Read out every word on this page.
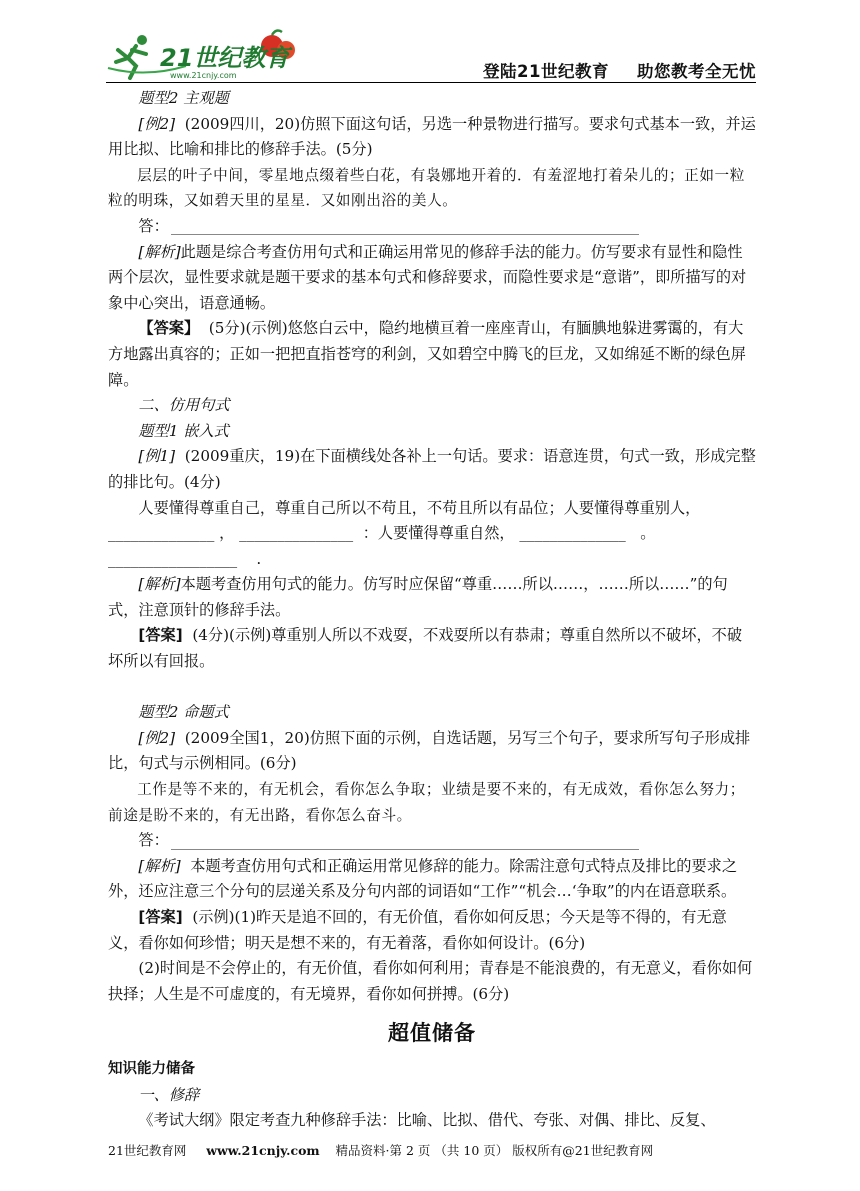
21世纪教育
www.21cnjy.com	登陆21世纪教育 助您教考全无忧

题型2 主观题

[例2] (2009四川，20)仿照下面这句话，另选一种景物进行描写。要求句式基本一致，并运用比拟、比喻和排比的修辞手法。(5分)

层层的叶子中间，零星地点缀着些白花，有袅娜地开着的．有羞涩地打着朵儿的；正如一粒粒的明珠，又如碧天里的星星．又如刚出浴的美人。

答：

[解析]此题是综合考查仿用句式和正确运用常见的修辞手法的能力。仿写要求有显性和隐性两个层次，显性要求就是题干要求的基本句式和修辞要求，而隐性要求是“意谐”，即所描写的对象中心突出，语意通畅。

【答案】 (5分)(示例)悠悠白云中，隐约地横亘着一座座青山，有腼腆地躲进雾霭的，有大方地露出真容的；正如一把把直指苍穹的利剑，又如碧空中腾飞的巨龙，又如绵延不断的绿色屏障。

二、仿用句式

题型1 嵌入式

[例1] (2009重庆，19)在下面横线处各补上一句话。要求：语意连贯，句式一致，形成完整的排比句。(4分)

人要懂得尊重自己，尊重自己所以不苟且，不苟且所以有品位；人要懂得尊重别人，

______________ ， _______________  ：人要懂得尊重自然， ______________   。

_________________    .

[解析]本题考查仿用句式的能力。仿写时应保留“尊重……所以……，……所以……”的句式，注意顶针的修辞手法。

[答案] (4分)(示例)尊重别人所以不戏耍，不戏耍所以有恭肃；尊重自然所以不破坏，不破坏所以有回报。

题型2 命题式

[例2] (2009全国1，20)仿照下面的示例，自选话题，另写三个句子，要求所写句子形成排比，句式与示例相同。(6分)

工作是等不来的，有无机会，看你怎么争取；业绩是要不来的，有无成效，看你怎么努力；前途是盼不来的，有无出路，看你怎么奋斗。

答：

[解析] 本题考查仿用句式和正确运用常见修辞的能力。除需注意句式特点及排比的要求之外，还应注意三个分句的层递关系及分句内部的词语如“工作”“机会…‘争取”的内在语意联系。

[答案] (示例)(1)昨天是追不回的，有无价值，看你如何反思；今天是等不得的，有无意义，看你如何珍惜；明天是想不来的，有无着落，看你如何设计。(6分)

(2)时间是不会停止的，有无价值，看你如何利用；青春是不能浪费的，有无意义，看你如何抉择；人生是不可虚度的，有无境界，看你如何拼搏。(6分)

超值储备

知识能力储备

一、修辞

《考试大纲》限定考查九种修辞手法：比喻、比拟、借代、夸张、对偶、排比、反复、

21世纪教育网 www.21cnjy.com 精品资料·第 2 页 （共 10 页） 版权所有@21世纪教育网
